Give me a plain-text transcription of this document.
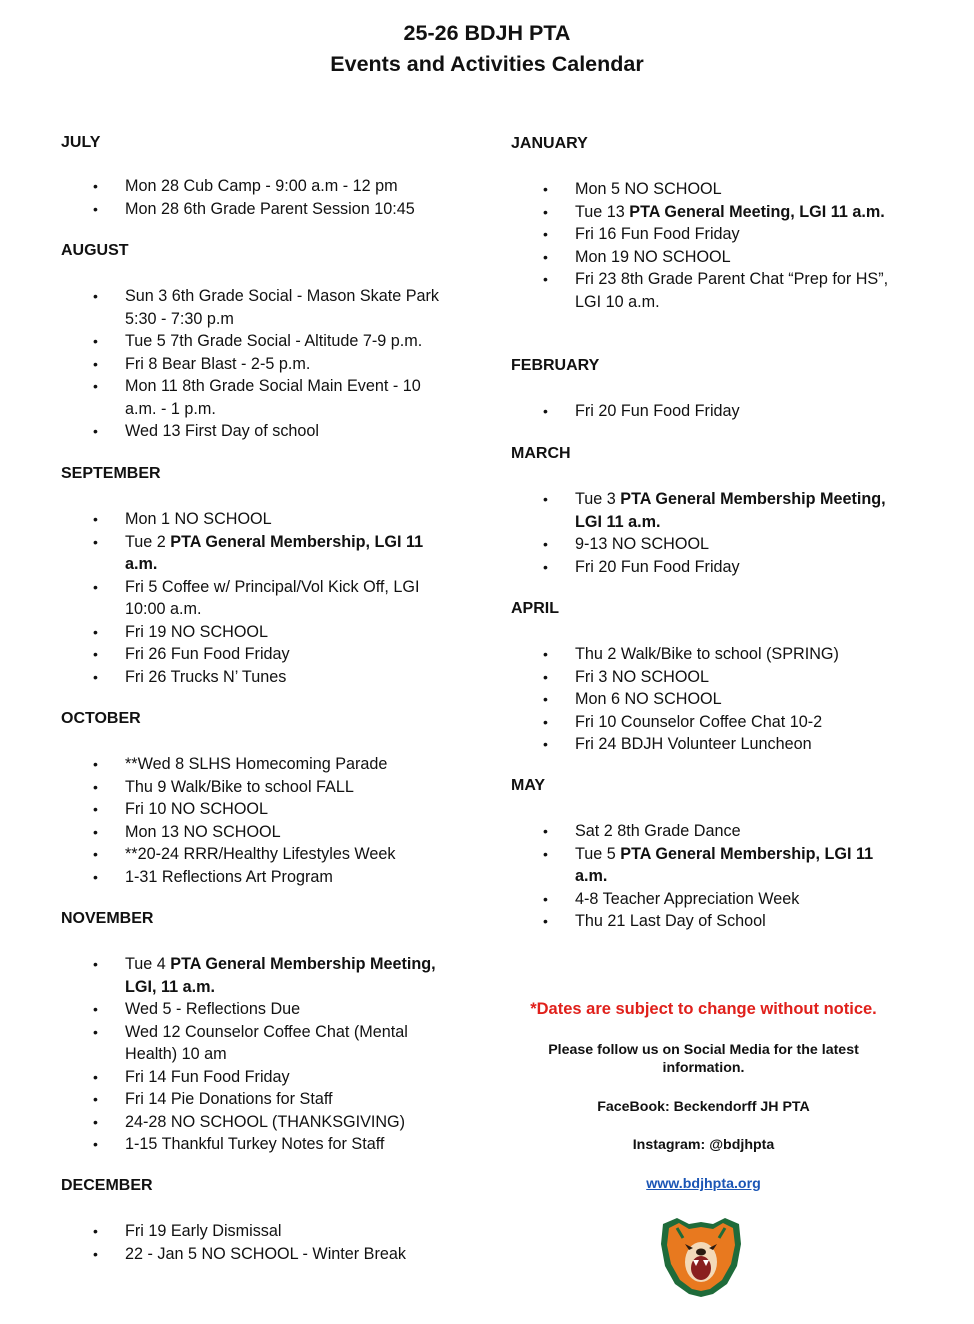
25-26 BDJH PTA

Events and Activities Calendar

JULY
• Mon 28 Cub Camp - 9:00 a.m - 12 pm
• Mon 28 6th Grade Parent Session 10:45
AUGUST
• Sun 3 6th Grade Social - Mason Skate Park 5:30 - 7:30 p.m
• Tue 5 7th Grade Social - Altitude 7-9 p.m.
• Fri 8 Bear Blast - 2-5 p.m.
• Mon 11 8th Grade Social Main Event - 10 a.m. - 1 p.m.
• Wed 13 First Day of school
SEPTEMBER
• Mon 1 NO SCHOOL
• Tue 2 PTA General Membership, LGI 11 a.m.
• Fri 5 Coffee w/ Principal/Vol Kick Off, LGI 10:00 a.m.
• Fri 19 NO SCHOOL
• Fri 26 Fun Food Friday
• Fri 26 Trucks N’ Tunes
OCTOBER
• **Wed 8 SLHS Homecoming Parade
• Thu 9 Walk/Bike to school FALL
• Fri 10 NO SCHOOL
• Mon 13 NO SCHOOL
• **20-24 RRR/Healthy Lifestyles Week
• 1-31 Reflections Art Program
NOVEMBER
• Tue 4 PTA General Membership Meeting, LGI, 11 a.m.
• Wed 5 - Reflections Due
• Wed 12 Counselor Coffee Chat (Mental Health) 10 am
• Fri 14 Fun Food Friday
• Fri 14 Pie Donations for Staff
• 24-28 NO SCHOOL (THANKSGIVING)
• 1-15 Thankful Turkey Notes for Staff
DECEMBER
• Fri 19 Early Dismissal
• 22 - Jan 5 NO SCHOOL - Winter Break
JANUARY
• Mon 5 NO SCHOOL
• Tue 13 PTA General Meeting, LGI 11 a.m.
• Fri 16 Fun Food Friday
• Mon 19 NO SCHOOL
• Fri 23 8th Grade Parent Chat “Prep for HS”, LGI 10 a.m.
FEBRUARY
• Fri 20 Fun Food Friday
MARCH
• Tue 3 PTA General Membership Meeting, LGI 11 a.m.
• 9-13 NO SCHOOL
• Fri 20 Fun Food Friday
APRIL
• Thu 2 Walk/Bike to school (SPRING)
• Fri 3 NO SCHOOL
• Mon 6 NO SCHOOL
• Fri 10 Counselor Coffee Chat 10-2
• Fri 24 BDJH Volunteer Luncheon
MAY
• Sat 2 8th Grade Dance
• Tue 5 PTA General Membership, LGI 11 a.m.
• 4-8 Teacher Appreciation Week
• Thu 21 Last Day of School
*Dates are subject to change without notice.
Please follow us on Social Media for the latest
information.
FaceBook: Beckendorff JH PTA
Instagram: @bdjhpta
www.bdjhpta.org
